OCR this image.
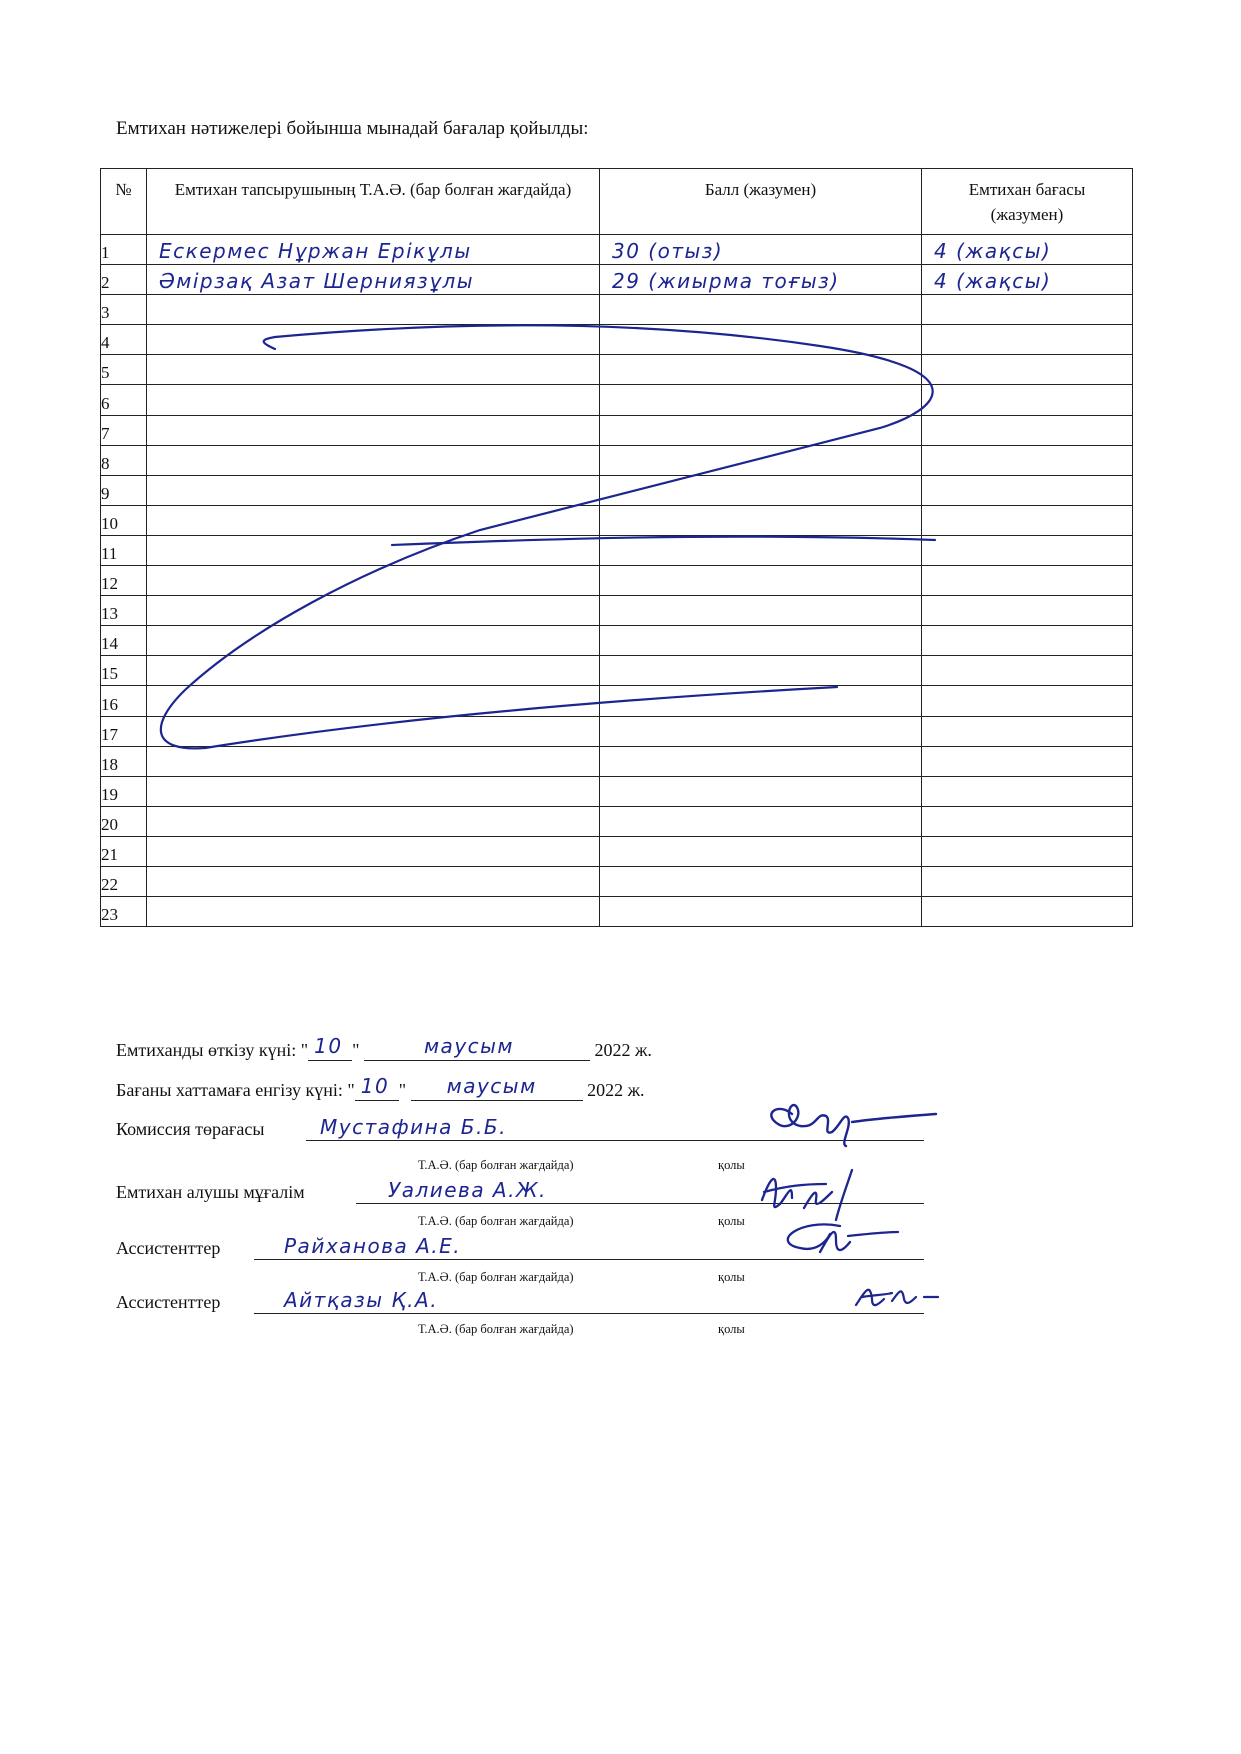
Емтихан нәтижелері бойынша мынадай бағалар қойылды:
№	Емтихан тапсырушының Т.А.Ә. (бар болған жағдайда)	Балл (жазумен)	Емтихан бағасы (жазумен)
1	Ескермес Нұржан Ерікұлы	30 (отыз)	4 (жақсы)

2	Әмірзақ Азат Шерниязұлы	29 (жиырма тоғыз)	4 (жақсы)

3	

4	

5	

6	

7	

8	

9	

10	

11	

12	

13	

14	

15	

16	

17	

18	

19	

20	

21	

22	

23	

Емтиханды өткізу күні: " 10 "	маусым	2022 ж.
Бағаны хаттамаға енгізу күні: " 10 " маусым	2022 ж.
Комиссия төрағасы	Мустафина Б.Б.
Т.А.Ә. (бар болған жағдайда)	қолы
Емтихан алушы мұғалім	Уалиева А.Ж.
Т.А.Ә. (бар болған жағдайда)	қолы
Ассистенттер	Райханова А.Е.
Т.А.Ә. (бар болған жағдайда)	қолы
Ассистенттер	Айтқазы Қ.А.
Т.А.Ә. (бар болған жағдайда)	қолы
